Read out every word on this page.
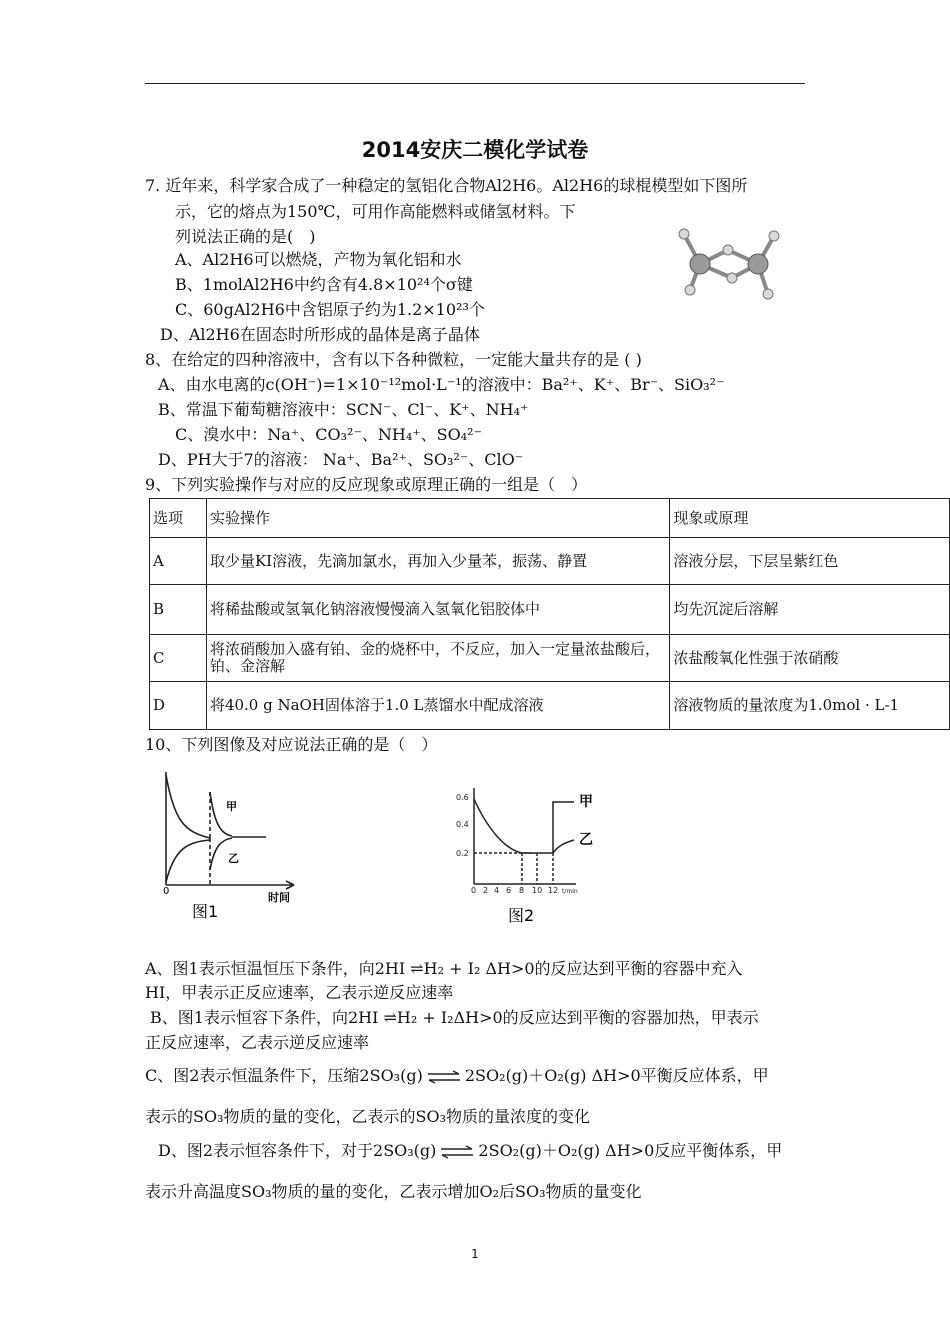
2014安庆二模化学试卷
7. 近年来，科学家合成了一种稳定的氢铝化合物Al2H6。Al2H6的球棍模型如下图所
示，它的熔点为150℃，可用作高能燃料或储氢材料。下
列说法正确的是(　)
A、Al2H6可以燃烧，产物为氧化铝和水
B、1molAl2H6中约含有4.8×10²⁴个σ键
C、60gAl2H6中含铝原子约为1.2×10²³个
D、Al2H6在固态时所形成的晶体是离子晶体
8、在给定的四种溶液中，含有以下各种微粒，一定能大量共存的是 ( )
A、由水电离的c(OH⁻)=1×10⁻¹²mol·L⁻¹的溶液中：Ba²⁺、K⁺、Br⁻、SiO₃²⁻
B、常温下葡萄糖溶液中：SCN⁻、Cl⁻、K⁺、NH₄⁺
C、溴水中：Na⁺、CO₃²⁻、NH₄⁺、SO₄²⁻
D、PH大于7的溶液： Na⁺、Ba²⁺、SO₃²⁻、ClO⁻
9、下列实验操作与对应的反应现象或原理正确的一组是（　）
选项	实验操作	现象或原理
A	取少量KI溶液，先滴加氯水，再加入少量苯，振荡、静置	溶液分层，下层呈紫红色
B	将稀盐酸或氢氧化钠溶液慢慢滴入氢氧化铝胶体中	均先沉淀后溶解
C	将浓硝酸加入盛有铂、金的烧杯中，不反应，加入一定量浓盐酸后，铂、金溶解	浓盐酸氧化性强于浓硝酸
D	将40.0 g NaOH固体溶于1.0 L蒸馏水中配成溶液	溶液物质的量浓度为1.0mol · L-1
10、下列图像及对应说法正确的是（　）
0
甲
乙
时间
图1
0.6
0.4
0.2
0 2 4 6 8 10 12 t/min
甲
乙
图2
A、图1表示恒温恒压下条件，向2HI ⇌H₂ + I₂ ΔH>0的反应达到平衡的容器中充入
HI，甲表示正反应速率，乙表示逆反应速率
B、图1表示恒容下条件，向2HI ⇌H₂ + I₂ΔH>0的反应达到平衡的容器加热，甲表示
正反应速率，乙表示逆反应速率
C、图2表示恒温条件下，压缩2SO₃(g) ⇌ 2SO₂(g)＋O₂(g) ΔH>0平衡反应体系，甲
表示的SO₃物质的量的变化，乙表示的SO₃物质的量浓度的变化
D、图2表示恒容条件下，对于2SO₃(g) ⇌ 2SO₂(g)＋O₂(g) ΔH>0反应平衡体系，甲
表示升高温度SO₃物质的量的变化，乙表示增加O₂后SO₃物质的量变化
1
